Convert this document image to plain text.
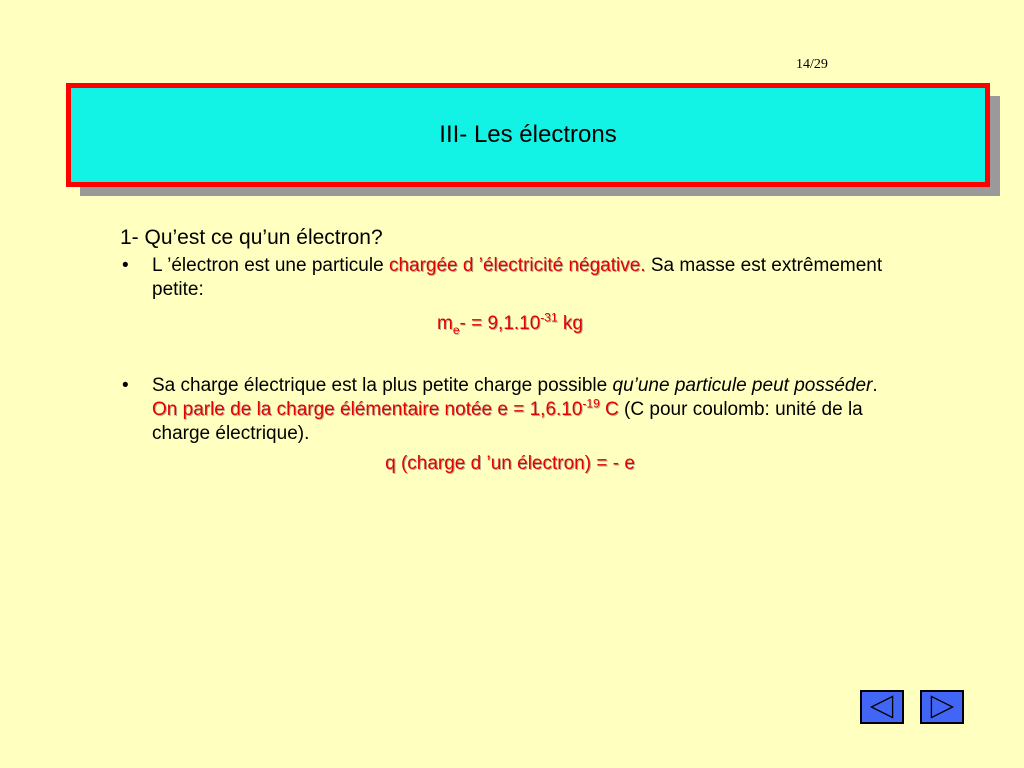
14/29
III- Les électrons
1- Qu’est ce qu’un électron?
• L ’électron est une particule chargée d ’électricité négative. Sa masse est extrêmement petite:
$m_e- = 9,1.10^{-31}$ kg
• Sa charge électrique est la plus petite charge possible qu’une particule peut posséder. On parle de la charge élémentaire notée $e = 1,6.10^{-19}$ C (C pour coulomb: unité de la charge électrique).
q (charge d ’un électron) = - e
